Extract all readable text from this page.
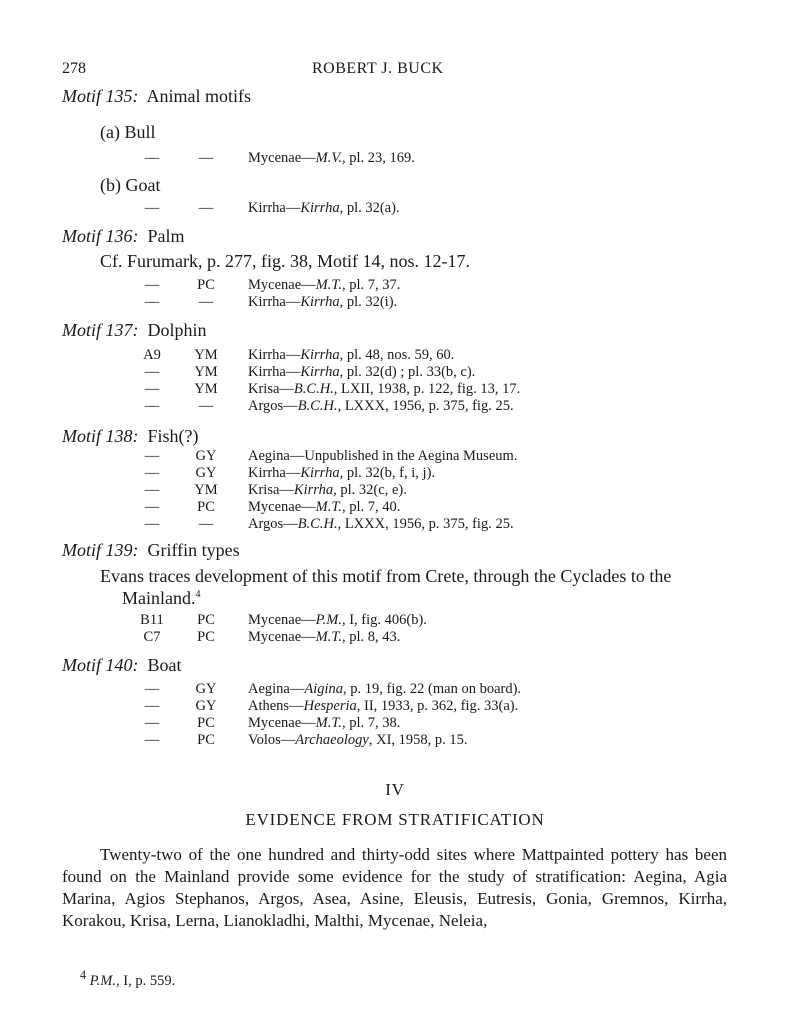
278	ROBERT J. BUCK
Motif 135: Animal motifs
(a) Bull
—	—	Mycenae—M.V., pl. 23, 169.
(b) Goat
—	—	Kirrha—Kirrha, pl. 32(a).
Motif 136: Palm
Cf. Furumark, p. 277, fig. 38, Motif 14, nos. 12-17.
—	PC	Mycenae—M.T., pl. 7, 37.
—	—	Kirrha—Kirrha, pl. 32(i).
Motif 137: Dolphin
A9	YM	Kirrha—Kirrha, pl. 48, nos. 59, 60.
—	YM	Kirrha—Kirrha, pl. 32(d) ; pl. 33(b, c).
—	YM	Krisa—B.C.H., LXII, 1938, p. 122, fig. 13, 17.
—	—	Argos—B.C.H., LXXX, 1956, p. 375, fig. 25.
Motif 138: Fish(?)
—	GY	Aegina—Unpublished in the Aegina Museum.
—	GY	Kirrha—Kirrha, pl. 32(b, f, i, j).
—	YM	Krisa—Kirrha, pl. 32(c, e).
—	PC	Mycenae—M.T., pl. 7, 40.
—	—	Argos—B.C.H., LXXX, 1956, p. 375, fig. 25.
Motif 139: Griffin types
Evans traces development of this motif from Crete, through the Cyclades to the
Mainland.$^4$
B11	PC	Mycenae—P.M., I, fig. 406(b).
C7	PC	Mycenae—M.T., pl. 8, 43.
Motif 140: Boat
—	GY	Aegina—Aigina, p. 19, fig. 22 (man on board).
—	GY	Athens—Hesperia, II, 1933, p. 362, fig. 33(a).
—	PC	Mycenae—M.T., pl. 7, 38.
—	PC	Volos—Archaeology, XI, 1958, p. 15.
IV
EVIDENCE FROM STRATIFICATION
Twenty-two of the one hundred and thirty-odd sites where Mattpainted pottery has been found on the Mainland provide some evidence for the study of stratification: Aegina, Agia Marina, Agios Stephanos, Argos, Asea, Asine, Eleusis, Eutresis, Gonia, Gremnos, Kirrha, Korakou, Krisa, Lerna, Lianokladhi, Malthi, Mycenae, Neleia,
$^4$ P.M., I, p. 559.
